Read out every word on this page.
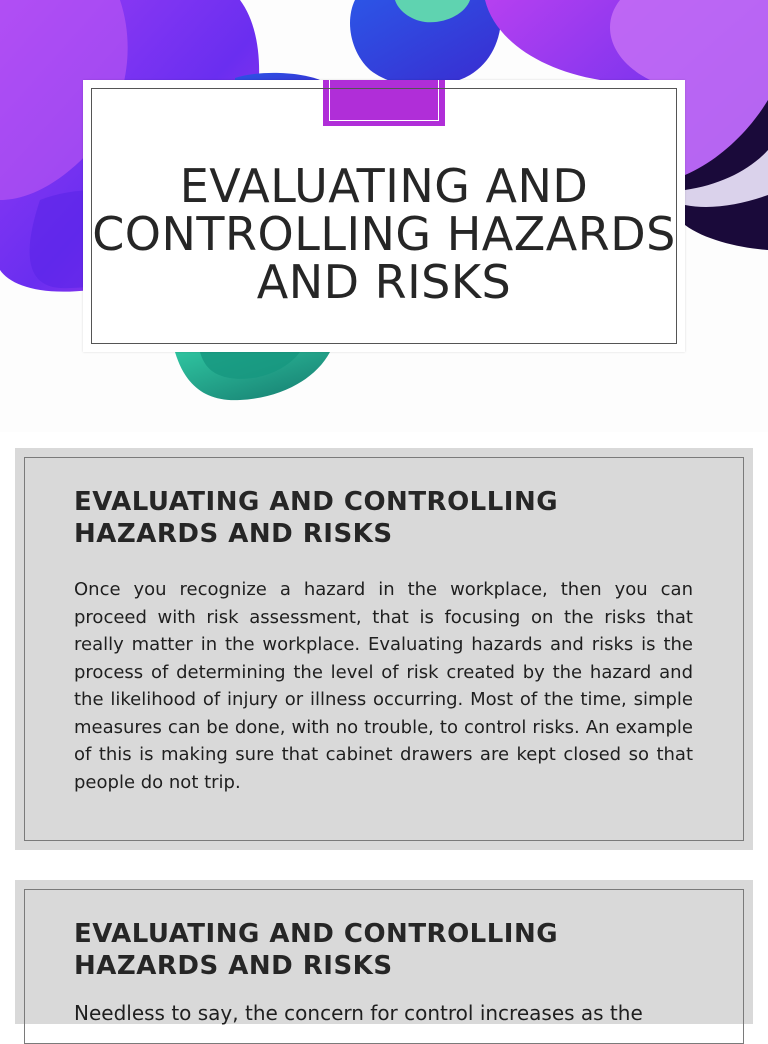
EVALUATING AND CONTROLLING HAZARDS AND RISKS
EVALUATING AND CONTROLLING HAZARDS AND RISKS

Once you recognize a hazard in the workplace, then you can proceed with risk assessment, that is focusing on the risks that really matter in the workplace. Evaluating hazards and risks is the process of determining the level of risk created by the hazard and the likelihood of injury or illness occurring. Most of the time, simple measures can be done, with no trouble, to control risks. An example of this is making sure that cabinet drawers are kept closed so that people do not trip.

EVALUATING AND CONTROLLING HAZARDS AND RISKS

Needless to say, the concern for control increases as the
